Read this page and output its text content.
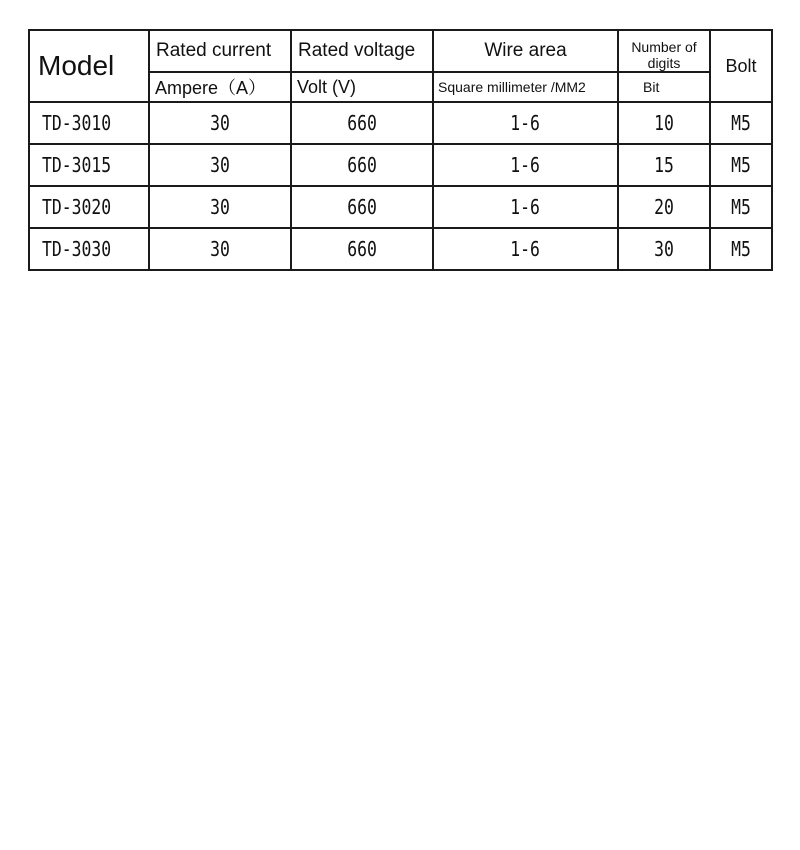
Model	Rated current	Rated voltage	Wire area	Number of digits	Bolt
	Ampere（A）	Volt (V)	Square millimeter /MM2	Bit	
TD-3010	30	660	1-6	10	M5
TD-3015	30	660	1-6	15	M5
TD-3020	30	660	1-6	20	M5
TD-3030	30	660	1-6	30	M5
